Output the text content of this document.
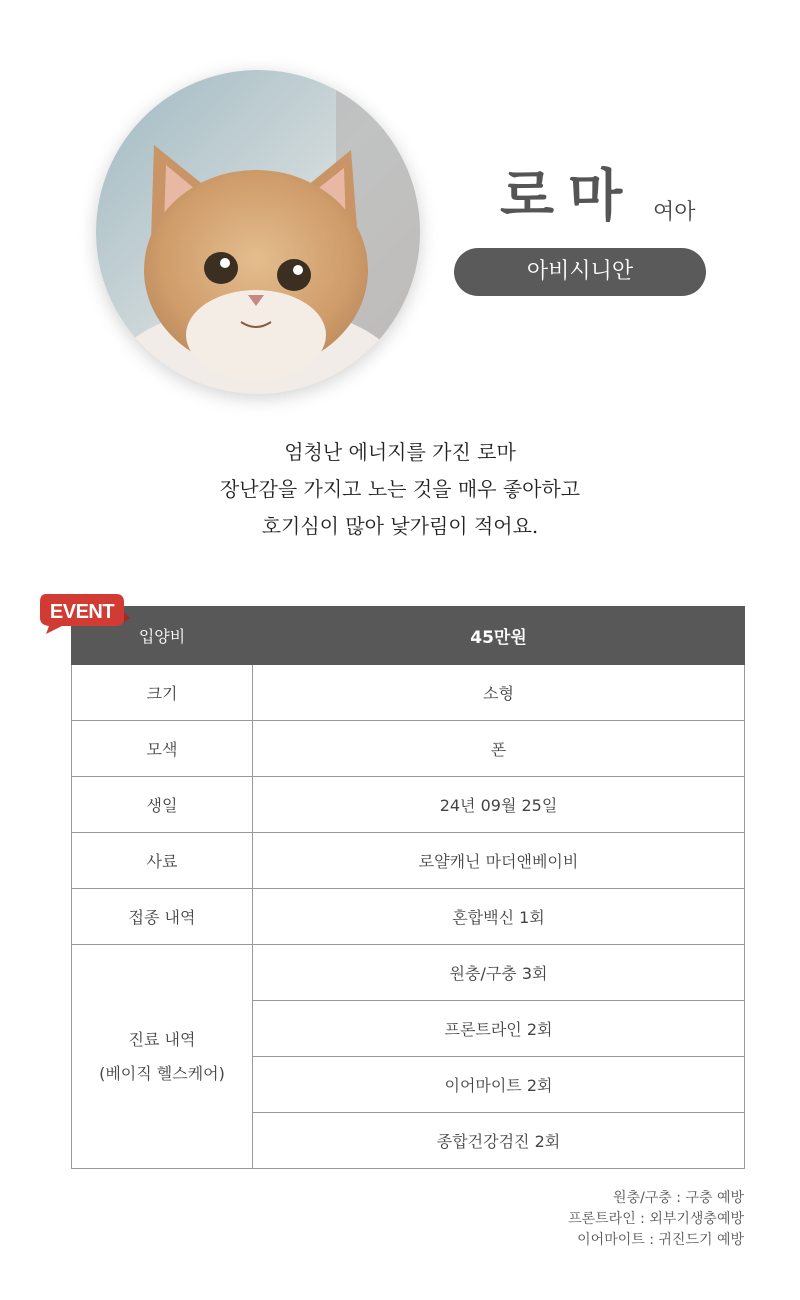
로마 여아
아비시니안
엄청난 에너지를 가진 로마
장난감을 가지고 노는 것을 매우 좋아하고
호기심이 많아 낯가림이 적어요.
EVENT
입양비	45만원
크기	소형
모색	폰
생일	24년 09월 25일
사료	로얄캐닌 마더앤베이비
접종 내역	혼합백신 1회

진료 내역
(베이직 헬스케어)	원충/구충 3회
	프론트라인 2회
	이어마이트 2회
	종합건강검진 2회
원충/구충 : 구충 예방
프론트라인 : 외부기생충예방
이어마이트 : 귀진드기 예방
